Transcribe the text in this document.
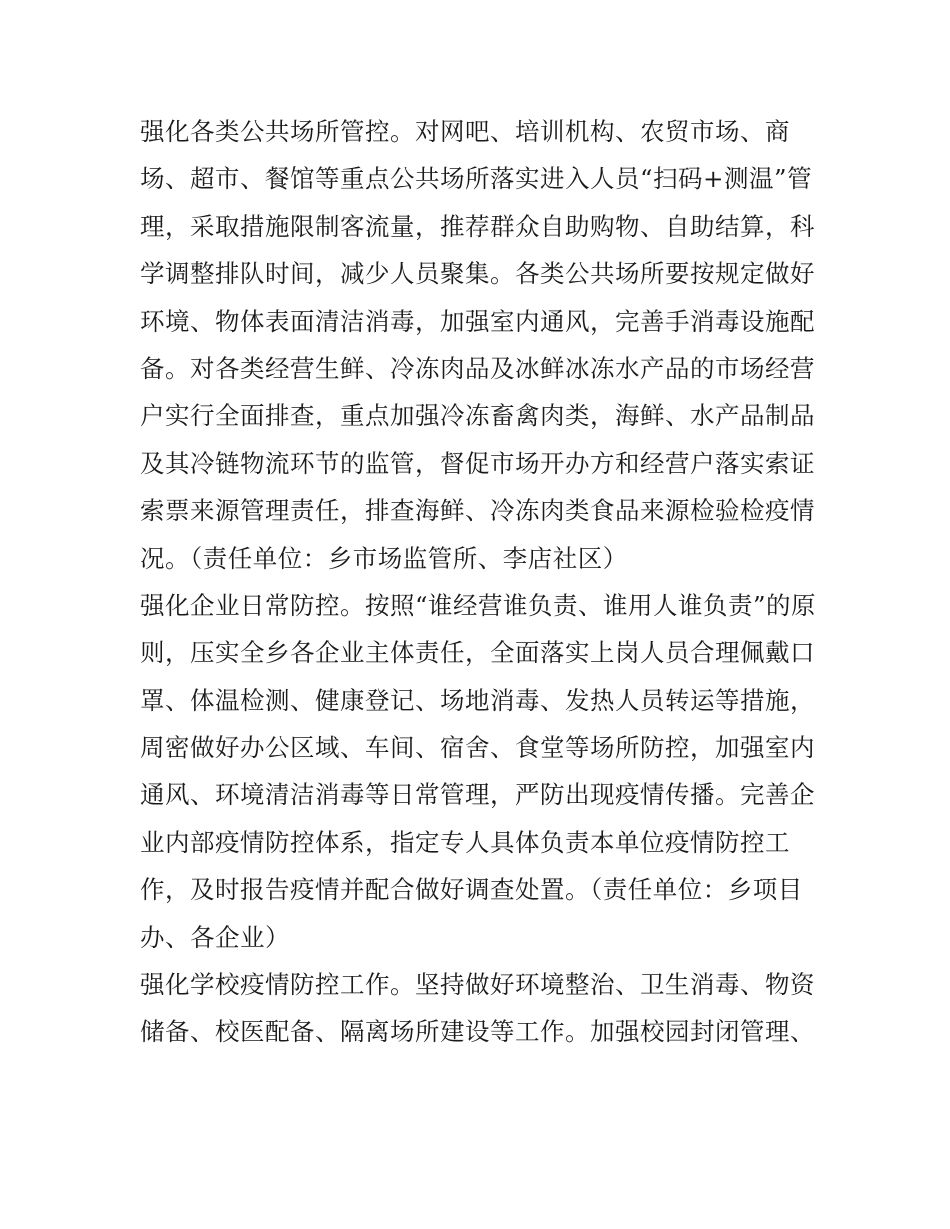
强化各类公共场所管控。对网吧、培训机构、农贸市场、商
场、超市、餐馆等重点公共场所落实进入人员“扫码+测温”管
理，采取措施限制客流量，推荐群众自助购物、自助结算，科
学调整排队时间，减少人员聚集。各类公共场所要按规定做好
环境、物体表面清洁消毒，加强室内通风，完善手消毒设施配
备。对各类经营生鲜、冷冻肉品及冰鲜冰冻水产品的市场经营
户实行全面排查，重点加强冷冻畜禽肉类，海鲜、水产品制品
及其冷链物流环节的监管，督促市场开办方和经营户落实索证
索票来源管理责任，排查海鲜、冷冻肉类食品来源检验检疫情
况。（责任单位：乡市场监管所、李店社区）
强化企业日常防控。按照“谁经营谁负责、谁用人谁负责”的原
则，压实全乡各企业主体责任，全面落实上岗人员合理佩戴口
罩、体温检测、健康登记、场地消毒、发热人员转运等措施，
周密做好办公区域、车间、宿舍、食堂等场所防控，加强室内
通风、环境清洁消毒等日常管理，严防出现疫情传播。完善企
业内部疫情防控体系，指定专人具体负责本单位疫情防控工
作，及时报告疫情并配合做好调查处置。（责任单位：乡项目
办、各企业）
强化学校疫情防控工作。坚持做好环境整治、卫生消毒、物资
储备、校医配备、隔离场所建设等工作。加强校园封闭管理、
